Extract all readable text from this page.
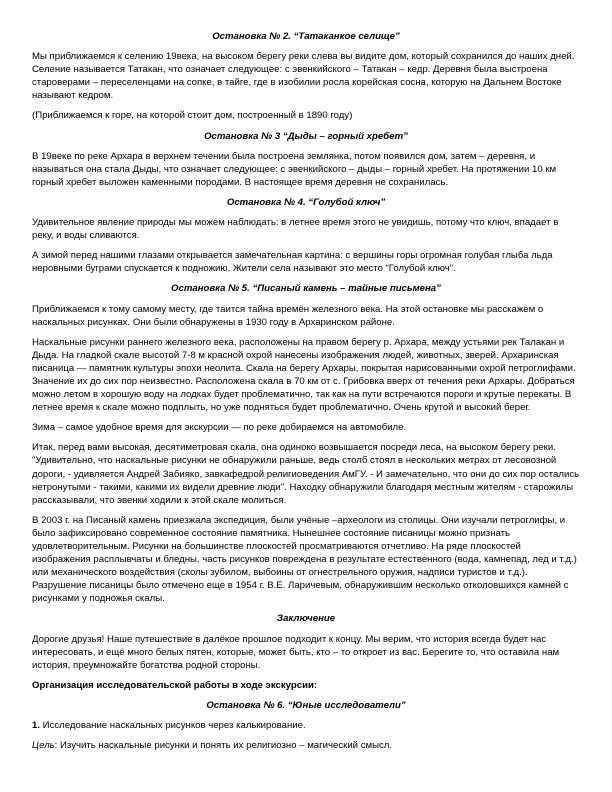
Остановка № 2. “Татаканкое селище”
Мы приближаемся к селению 19века, на высоком берегу реки слева вы видите дом, который сохранился до наших дней. Селение называется Татакан, что означает следующее: с эвенкийского – Татакан – кедр. Деревня была выстроена староверами – переселенцами на сопке, в тайге, где в изобилии росла корейская сосна, которую на Дальнем Востоке называют кедром.
(Приближаемся к горе, на которой стоит дом, построенный в 1890 году)
Остановка № 3 “Дыды – горный хребет”
В 19веке по реке Архара в верхнем течении была построена землянка, потом появился дом, затем – деревня, и называться она стала Дыды, что означает следующее: с эвенкийского – дыды – горный хребет. На протяжении 10 км горный хребет выложен каменными породами. В настоящее время деревня не сохранилась.
Остановка № 4. “Голубой ключ”
Удивительное явление природы мы можем наблюдать: в летнее время этого не увидишь, потому что ключ, впадает в реку, и воды сливаются.
А зимой перед нашими глазами открывается замечательная картина: с вершины горы огромная голубая глыба льда неровными буграми спускается к подножию. Жители села называют это место “Голубой ключ”.
Остановка № 5. “Писаный камень – тайные письмена”
Приближаемся к тому самому месту, где таится тайна времён железного века. На этой остановке мы расскажем о наскальных рисунках. Они были обнаружены в 1930 году в Архаринском районе.
Наскальные рисунки раннего железного века, расположены на правом берегу р. Архара, между устьями рек Талакан и Дыда. На гладкой скале высотой 7-8 м красной охрой нанесены изображения людей, животных, зверей. Архаринская писаница — памятник культуры эпохи неолита. Скала на берегу Архары, покрытая нарисованными охрой петроглифами. Значение их до сих пор неизвестно. Расположена скала в 70 км от с. Грибовка вверх от течения реки Архары. Добраться можно летом в хорошую воду на лодках будет проблематично, так как на пути встречаются пороги и крутые перекаты. В летнее время к скале можно подплыть, но уже подняться будет проблематично. Очень крутой и высокий берег.
Зима – самое удобное время для экскурсии — по реке добираемся на автомобиле.
Итак, перед вами высокая, десятиметровая скала, она одиноко возвышается посреди леса, на высоком берегу реки. "Удивительно, что наскальные рисунки не обнаружили раньше, ведь столб стоял в нескольких метрах от лесовозной дороги, - удивляется Андрей Забияко, завкафедрой религиоведения АмГУ. - И замечательно, что они до сих пор остались нетронутыми - такими, какими их видели древние люди". Находку обнаружили благодаря местным жителям - старожилы рассказывали, что эвенки ходили к этой скале молиться.
В 2003 г. на Писаный камень приезжала экспедиция, были учёные –археологи из столицы. Они изучали петроглифы, и было зафиксировано современное состояние памятника. Нынешнее состояние писаницы можно признать удовлетворительным. Рисунки на большинстве плоскостей просматриваются отчетливо. На ряде плоскостей изображения расплывчаты и бледны, часть рисунков повреждена в результате естественного (вода, камнепад, лед и т.д.) или механического воздействия (сколы зубилом, выбоины от огнестрельного оружия, надписи туристов и т.д.). Разрушение писаницы было отмечено еще в 1954 г. В.Е. Ларичевым, обнаружившим несколько отколовшихся камней с рисунками у подножья скалы.
Заключение
Дорогие друзья! Наше путешествие в далёкое прошлое подходит к концу. Мы верим, что история всегда будет нас интересовать, и ещё много белых пятен, которые, может быть, кто – то откроет из вас. Берегите то, что оставила нам история, преумножайте богатства родной стороны.
Организация исследовательской работы в ходе экскурсии:
Остановка № 6. “Юные исследователи”
1. Исследование наскальных рисунков через калькирование.
Цель: Изучить наскальные рисунки и понять их религиозно – магический смысл.
